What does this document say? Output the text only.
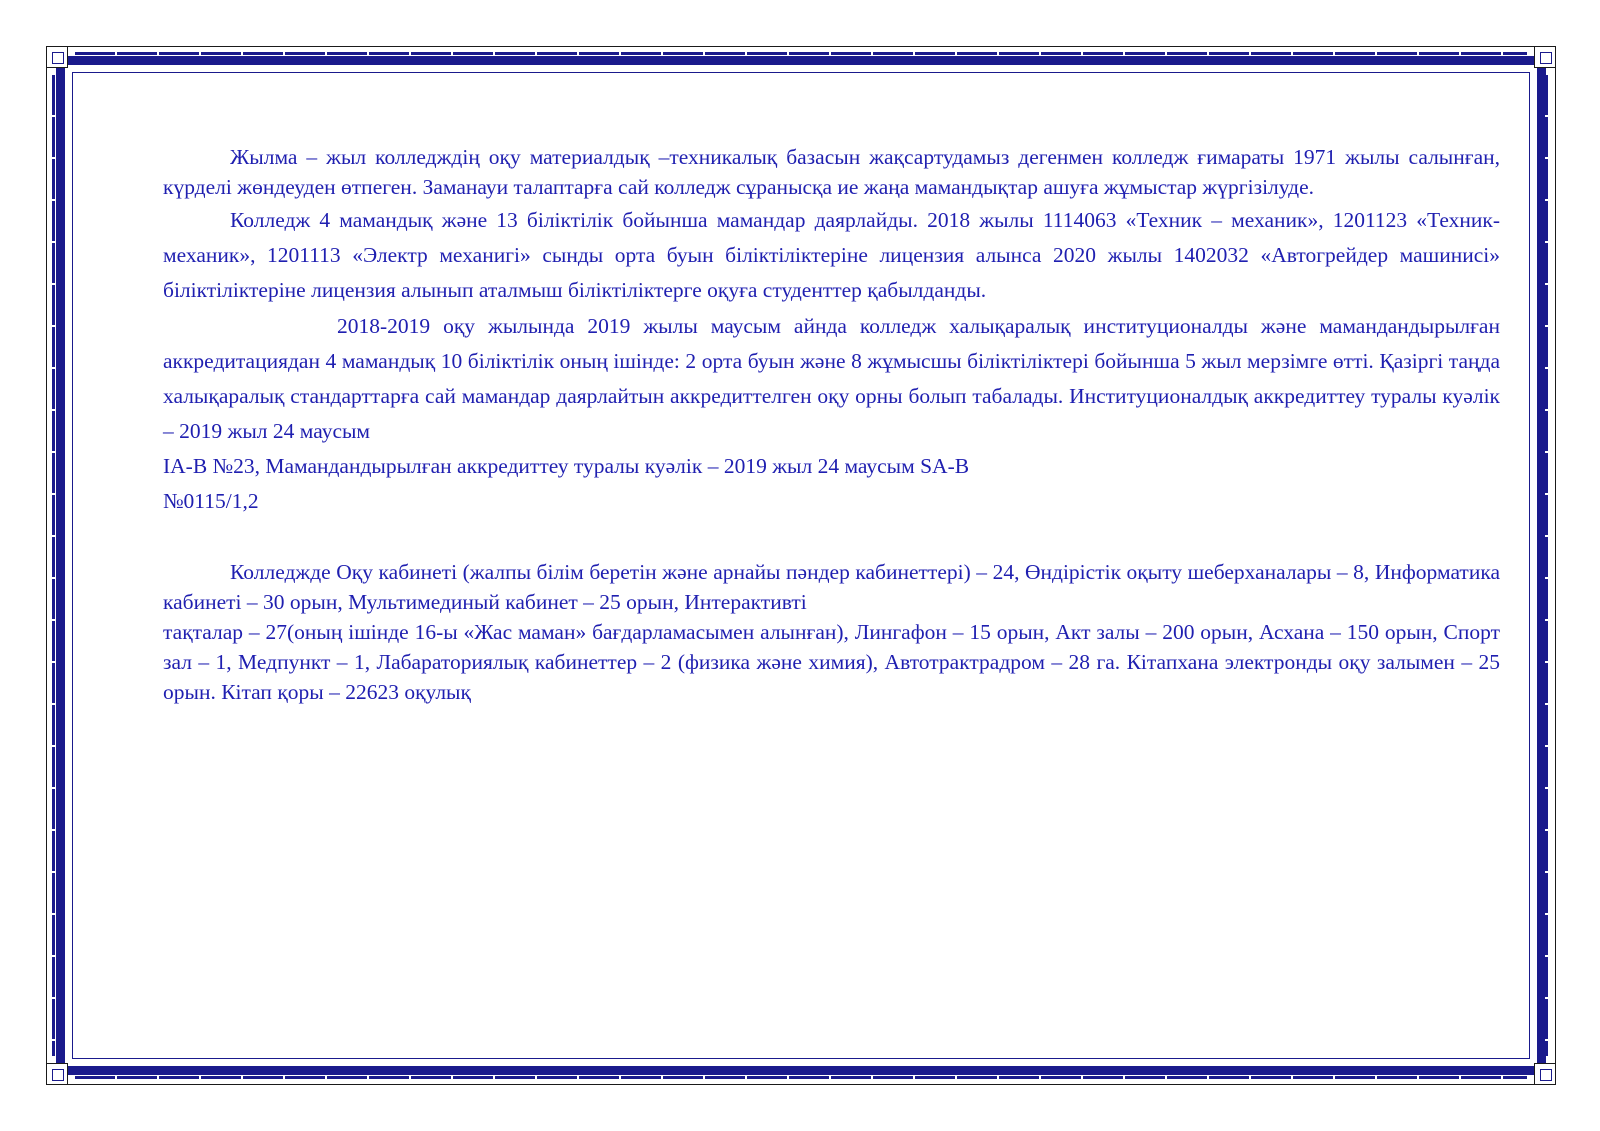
Жылма – жыл колледждің оқу материалдық –техникалық базасын жақсартудамыз дегенмен колледж ғимараты 1971 жылы салынған, күрделі жөндеуден өтпеген. Заманауи талаптарға сай колледж сұранысқа ие жаңа мамандықтар ашуға жұмыстар жүргізілуде.

Колледж 4 мамандық және 13 біліктілік бойынша мамандар даярлайды. 2018 жылы 1114063 «Техник – механик», 1201123 «Техник-механик», 1201113 «Электр механигі» сынды орта буын біліктіліктеріне лицензия алынса 2020 жылы 1402032 «Автогрейдер машинисі» біліктіліктеріне лицензия алынып аталмыш біліктіліктерге оқуға студенттер қабылданды.

2018-2019 оқу жылында 2019 жылы маусым айнда колледж халықаралық институционалды және мамандандырылған аккредитациядан 4 мамандық 10 біліктілік оның ішінде: 2 орта буын және 8 жұмысшы біліктіліктері бойынша 5 жыл мерзімге өтті. Қазіргі таңда халықаралық стандарттарға сай мамандар даярлайтын аккредиттелген оқу орны болып табалады. Институционалдық аккредиттеу туралы куәлік – 2019 жыл 24 маусым

IA-B №23, Мамандандырылған аккредиттеу туралы куәлік – 2019 жыл 24 маусым SA-B

№0115/1,2

Колледжде Оқу кабинеті (жалпы білім беретін және арнайы пәндер кабинеттері) – 24, Өндірістік оқыту шеберханалары – 8, Информатика кабинеті – 30 орын, Мультимединый кабинет – 25 орын, Интерактивті

тақталар – 27(оның ішінде 16-ы «Жас маман» бағдарламасымен алынған), Лингафон – 15 орын, Акт залы – 200 орын, Асхана – 150 орын, Спорт зал – 1, Медпункт – 1, Лабараториялық кабинеттер – 2 (физика және химия), Автотрактрадром – 28 га. Кітапхана электронды оқу залымен – 25 орын. Кітап қоры – 22623 оқулық
